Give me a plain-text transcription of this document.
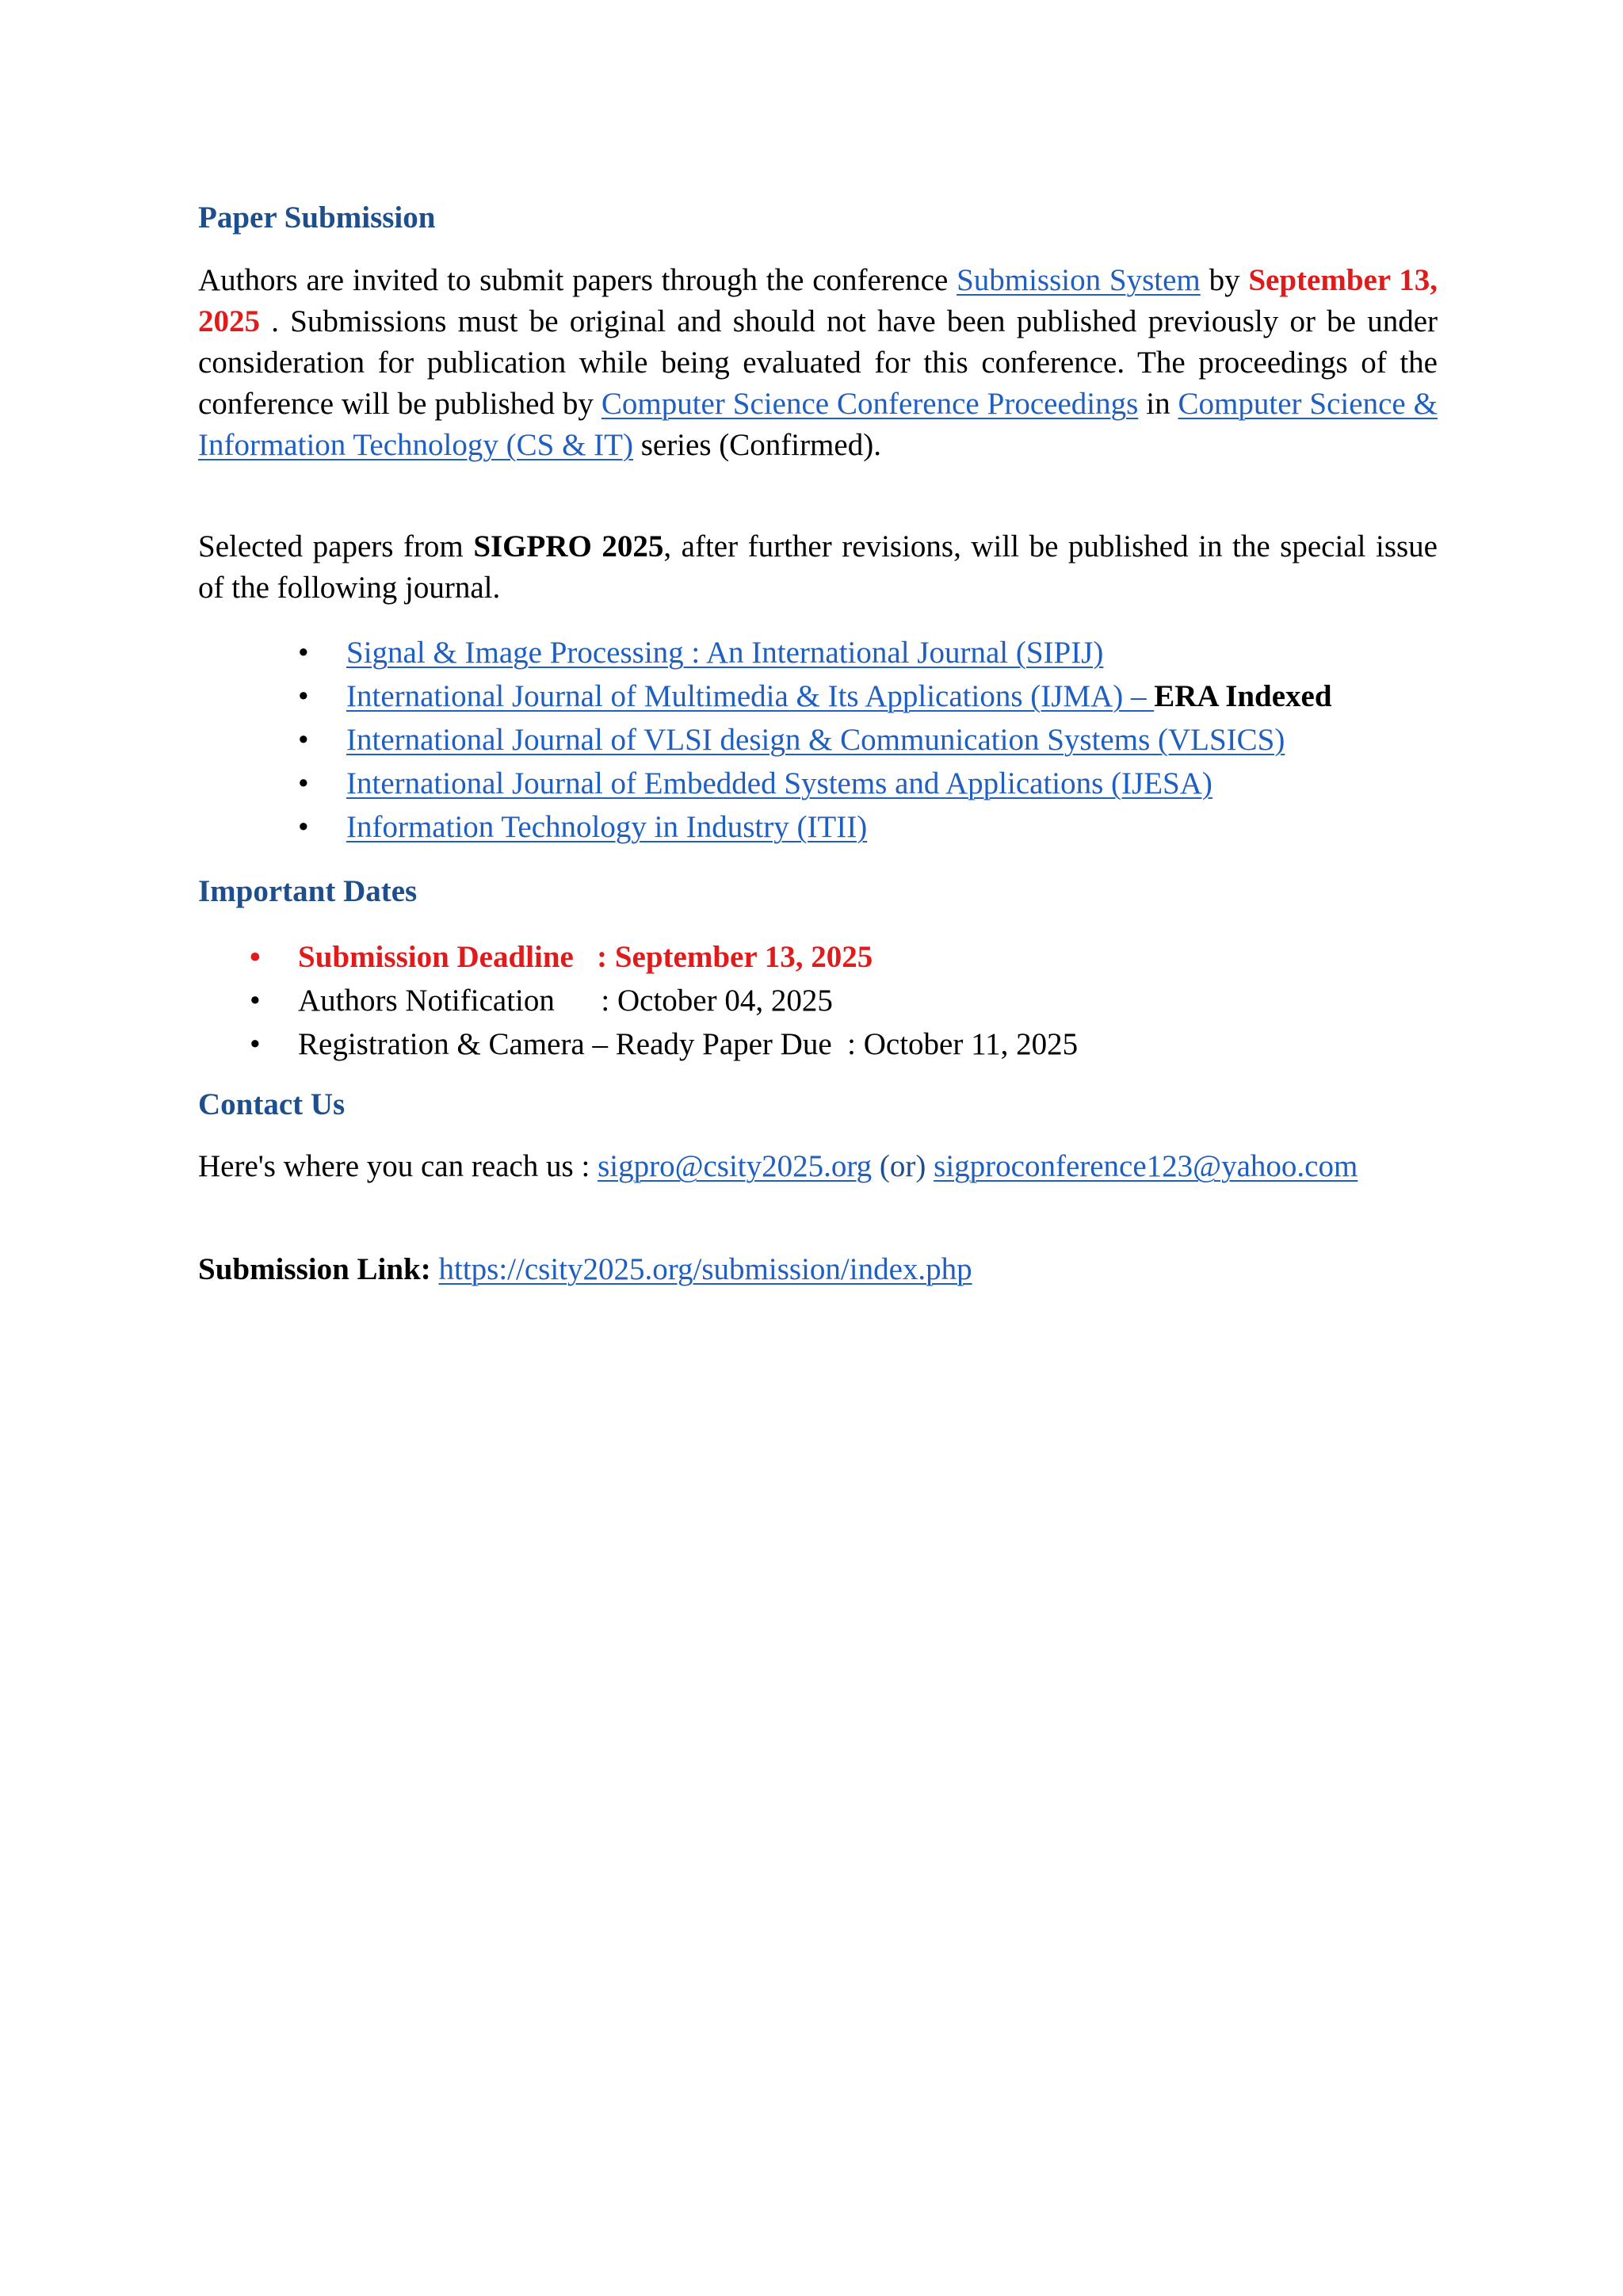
Paper Submission

Authors are invited to submit papers through the conference Submission System by September 13, 2025 . Submissions must be original and should not have been published previously or be under consideration for publication while being evaluated for this conference. The proceedings of the conference will be published by Computer Science Conference Proceedings in Computer Science & Information Technology (CS & IT) series (Confirmed).

Selected papers from SIGPRO 2025, after further revisions, will be published in the special issue of the following journal.

• Signal & Image Processing : An International Journal (SIPIJ)
• International Journal of Multimedia & Its Applications (IJMA) – ERA Indexed
• International Journal of VLSI design & Communication Systems (VLSICS)
• International Journal of Embedded Systems and Applications (IJESA)
• Information Technology in Industry (ITII)
Important Dates
• Submission Deadline   : September 13, 2025
• Authors Notification      : October 04, 2025
• Registration & Camera – Ready Paper Due  : October 11, 2025
Contact Us

Here's where you can reach us : sigpro@csity2025.org (or) sigproconference123@yahoo.com

Submission Link: https://csity2025.org/submission/index.php
